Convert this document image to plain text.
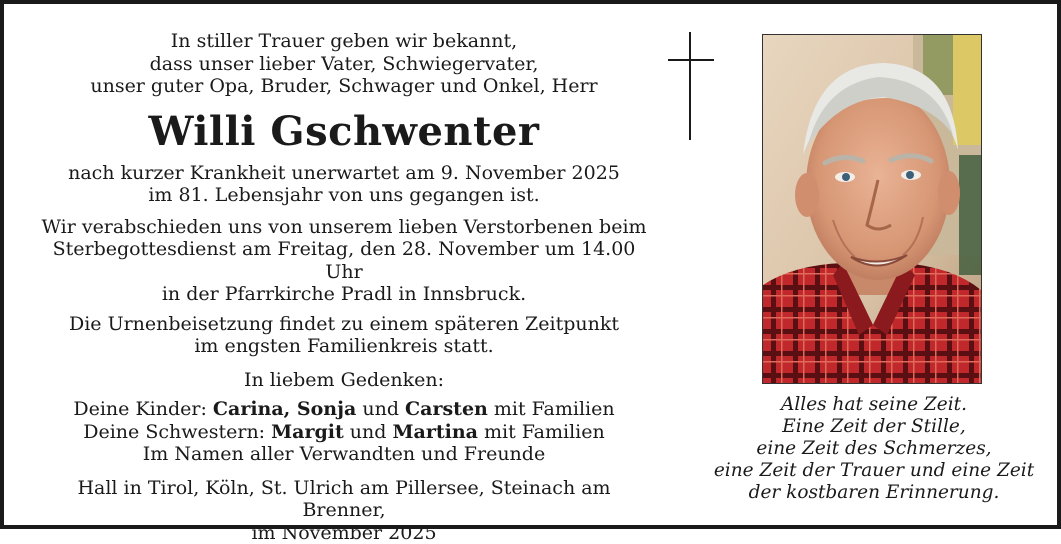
In stiller Trauer geben wir bekannt,

dass unser lieber Vater, Schwiegervater,

unser guter Opa, Bruder, Schwager und Onkel, Herr

Willi Gschwenter

nach kurzer Krankheit unerwartet am 9. November 2025

im 81. Lebensjahr von uns gegangen ist.

Wir verabschieden uns von unserem lieben Verstorbenen beim

Sterbegottesdienst am Freitag, den 28. November um 14.00 Uhr

in der Pfarrkirche Pradl in Innsbruck.

Die Urnenbeisetzung findet zu einem späteren Zeitpunkt

im engsten Familienkreis statt.

In liebem Gedenken:

Deine Kinder: Carina, Sonja und Carsten mit Familien

Deine Schwestern: Margit und Martina mit Familien

Im Namen aller Verwandten und Freunde

Hall in Tirol, Köln, St. Ulrich am Pillersee, Steinach am Brenner,

im November 2025

Alles hat seine Zeit.

Eine Zeit der Stille,

eine Zeit des Schmerzes,

eine Zeit der Trauer und eine Zeit

der kostbaren Erinnerung.
